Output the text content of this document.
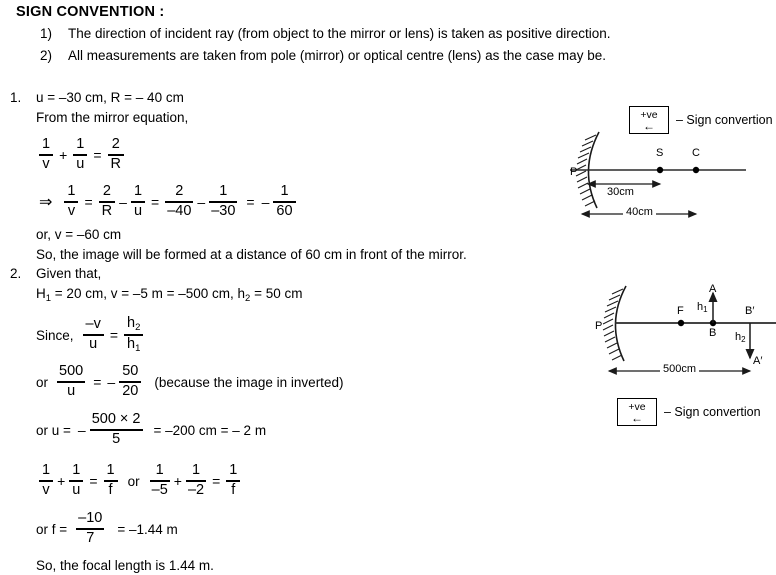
SIGN CONVENTION :
1)	The direction of incident ray (from object to the mirror or lens) is taken as positive direction.
2)	All measurements are taken from pole (mirror) or optical centre (lens) as the case may be.
1.	u = –30 cm, R = – 40 cm
From the mirror equation,
$\frac{1}{v} + \frac{1}{u} = \frac{2}{R}$
⇒ $\frac{1}{v} = \frac{2}{R} - \frac{1}{u} = \frac{2}{-40} - \frac{1}{-30}$ = – $\frac{1}{60}$
or, v = –60 cm
So, the image will be formed at a distance of 60 cm in front of the mirror.
2.	Given that,
$H_1 = 20$ cm, v = –5 m = –500 cm, $h_2 = 50$ cm
Since, $\frac{-v}{u} = \frac{h_2}{h_1}$
or $\frac{500}{u}$ = – $\frac{50}{20}$ (because the image in inverted)
or u = – $\frac{500 \times 2}{5} = -200$ cm = – 2 m
$\frac{1}{v} + \frac{1}{u} = \frac{1}{f}$ or $\frac{1}{-5} + \frac{1}{-2} = \frac{1}{f}$
or $f = \frac{-10}{7} = -1.44$ m
So, the focal length is 1.44 m.
P
S	C
30cm
40cm
+ve
← – Sign convertion
P
F
A
B
B′
A′
$h_1$
$h_2$
500cm
+ve
← – Sign convertion
